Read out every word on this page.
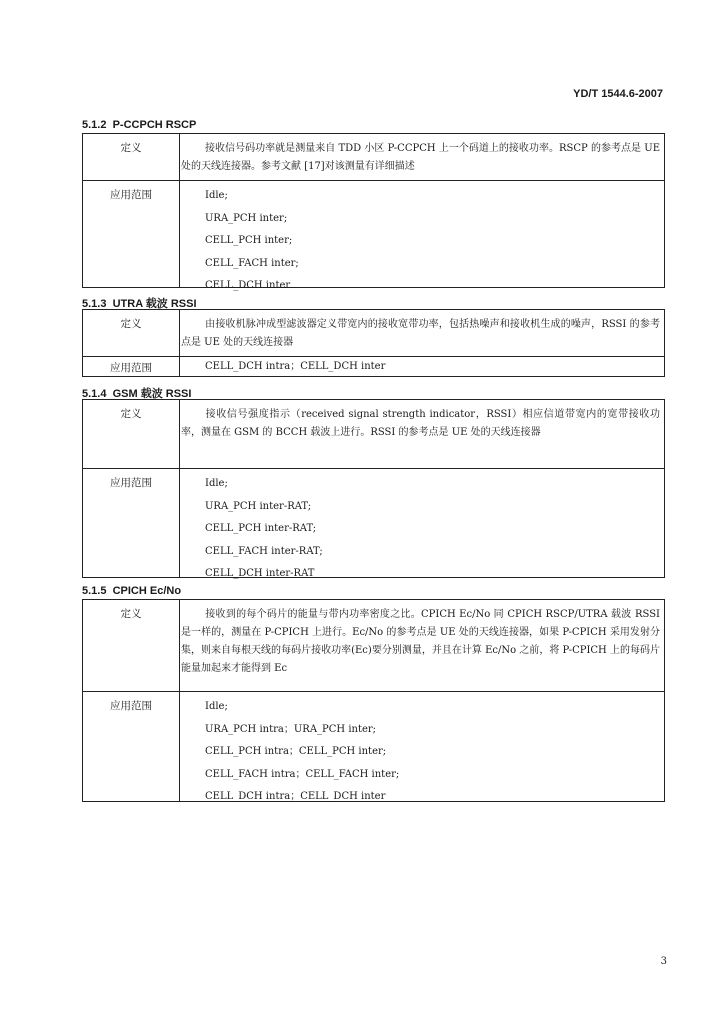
YD/T 1544.6-2007
5.1.2 P-CCPCH RSCP
定义	接收信号码功率就是测量来自 TDD 小区 P-CCPCH 上一个码道上的接收功率。RSCP 的参考点是 UE 处的天线连接器。参考文献 [17]对该测量有详细描述
应用范围	Idle;
URA_PCH inter;
CELL_PCH inter;
CELL_FACH inter;
CELL_DCH inter
5.1.3 UTRA 载波 RSSI
定义	由接收机脉冲成型滤波器定义带宽内的接收宽带功率，包括热噪声和接收机生成的噪声，RSSI 的参考点是 UE 处的天线连接器
应用范围	CELL_DCH intra；CELL_DCH inter
5.1.4 GSM 载波 RSSI
定义	接收信号强度指示（received signal strength indicator，RSSI）相应信道带宽内的宽带接收功率，测量在 GSM 的 BCCH 载波上进行。RSSI 的参考点是 UE 处的天线连接器
应用范围	Idle;
URA_PCH inter-RAT;
CELL_PCH inter-RAT;
CELL_FACH inter-RAT;
CELL_DCH inter-RAT
5.1.5 CPICH Ec/No
定义	接收到的每个码片的能量与带内功率密度之比。CPICH Ec/No 同 CPICH RSCP/UTRA 载波 RSSI 是一样的，测量在 P-CPICH 上进行。Ec/No 的参考点是 UE 处的天线连接器，如果 P-CPICH 采用发射分集，则来自每根天线的每码片接收功率(Ec)要分别测量，并且在计算 Ec/No 之前，将 P-CPICH 上的每码片能量加起来才能得到 Ec
应用范围	Idle;
URA_PCH intra；URA_PCH inter;
CELL_PCH intra；CELL_PCH inter;
CELL_FACH intra；CELL_FACH inter;
CELL_DCH intra；CELL_DCH inter
3
